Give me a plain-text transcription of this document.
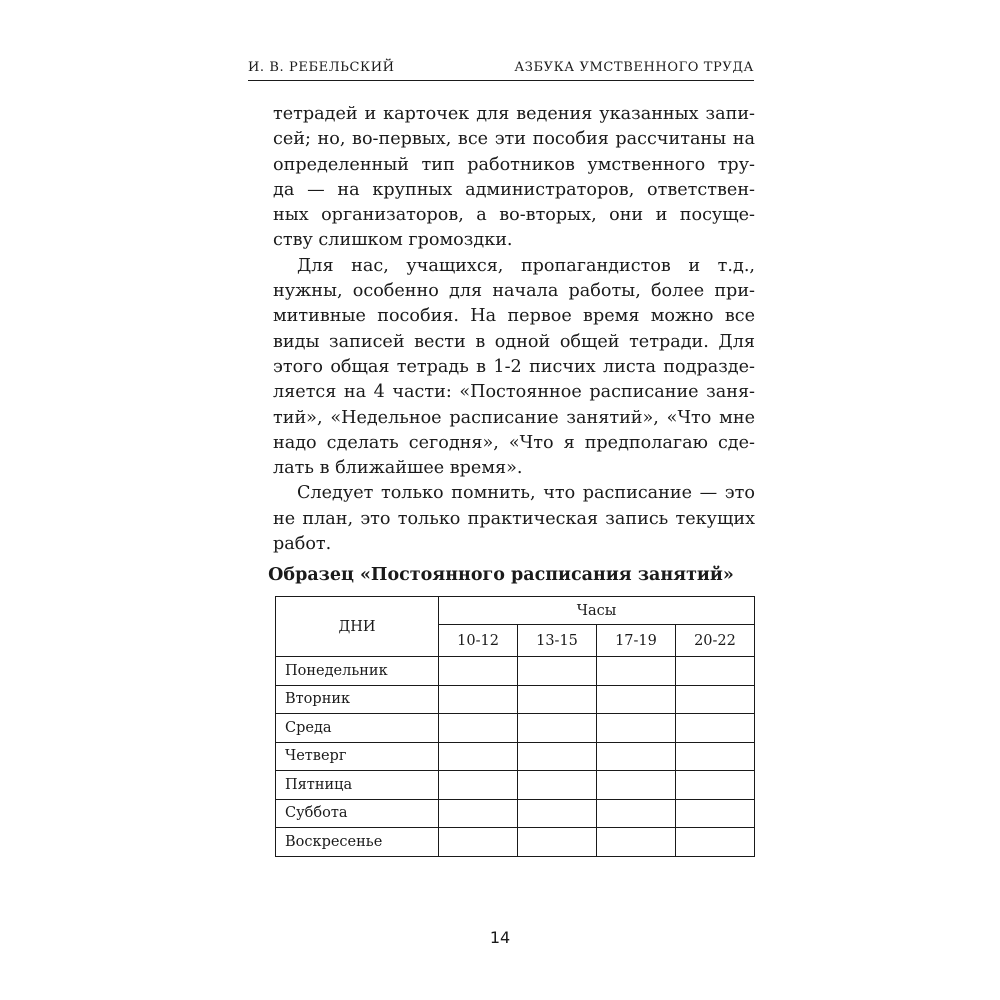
И. В. РЕБЕЛЬСКИЙ	АЗБУКА УМСТВЕННОГО ТРУДА

тетрадей и карточек для ведения указанных запи-

сей; но, во-первых, все эти пособия рассчитаны на

определенный тип работников умственного тру-

да — на крупных администраторов, ответствен-

ных организаторов, а во-вторых, они и посуще-

ству слишком громоздки.

Для нас, учащихся, пропагандистов и т.д.,

нужны, особенно для начала работы, более при-

митивные пособия. На первое время можно все

виды записей вести в одной общей тетради. Для

этого общая тетрадь в 1-2 писчих листа подразде-

ляется на 4 части: «Постоянное расписание заня-

тий», «Недельное расписание занятий», «Что мне

надо сделать сегодня», «Что я предполагаю сде-

лать в ближайшее время».

Следует только помнить, что расписание — это

не план, это только практическая запись текущих

работ.

Образец «Постоянного расписания занятий»
ДНИ	Часы			
	10-12	13-15	17-19	20-22
Понедельник				
Вторник				
Среда				
Четверг				
Пятница				
Суббота				
Воскресенье				
14
